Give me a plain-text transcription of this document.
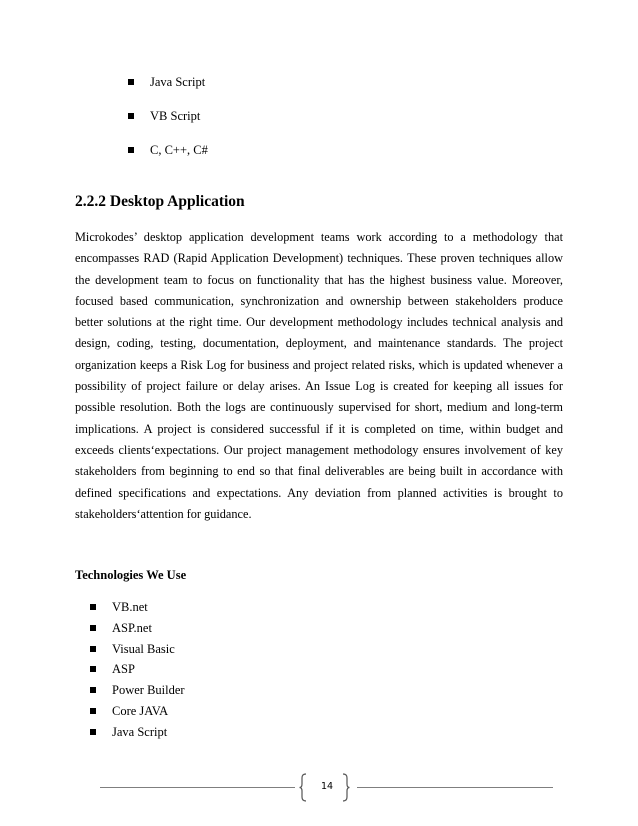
Java Script
VB Script
C, C++, C#
2.2.2 Desktop Application

Microkodes’ desktop application development teams work according to a methodology that encompasses RAD (Rapid Application Development) techniques. These proven techniques allow the development team to focus on functionality that has the highest business value. Moreover, focused based communication, synchronization and ownership between stakeholders produce better solutions at the right time. Our development methodology includes technical analysis and design, coding, testing, documentation, deployment, and maintenance standards. The project organization keeps a Risk Log for business and project related risks, which is updated whenever a possibility of project failure or delay arises. An Issue Log is created for keeping all issues for possible resolution. Both the logs are continuously supervised for short, medium and long-term implications. A project is considered successful if it is completed on time, within budget and exceeds clients‘expectations. Our project management methodology ensures involvement of key stakeholders from beginning to end so that final deliverables are being built in accordance with defined specifications and expectations. Any deviation from planned activities is brought to stakeholders‘attention for guidance.

Technologies We Use
VB.net
ASP.net
Visual Basic
ASP
Power Builder
Core JAVA
Java Script
14
